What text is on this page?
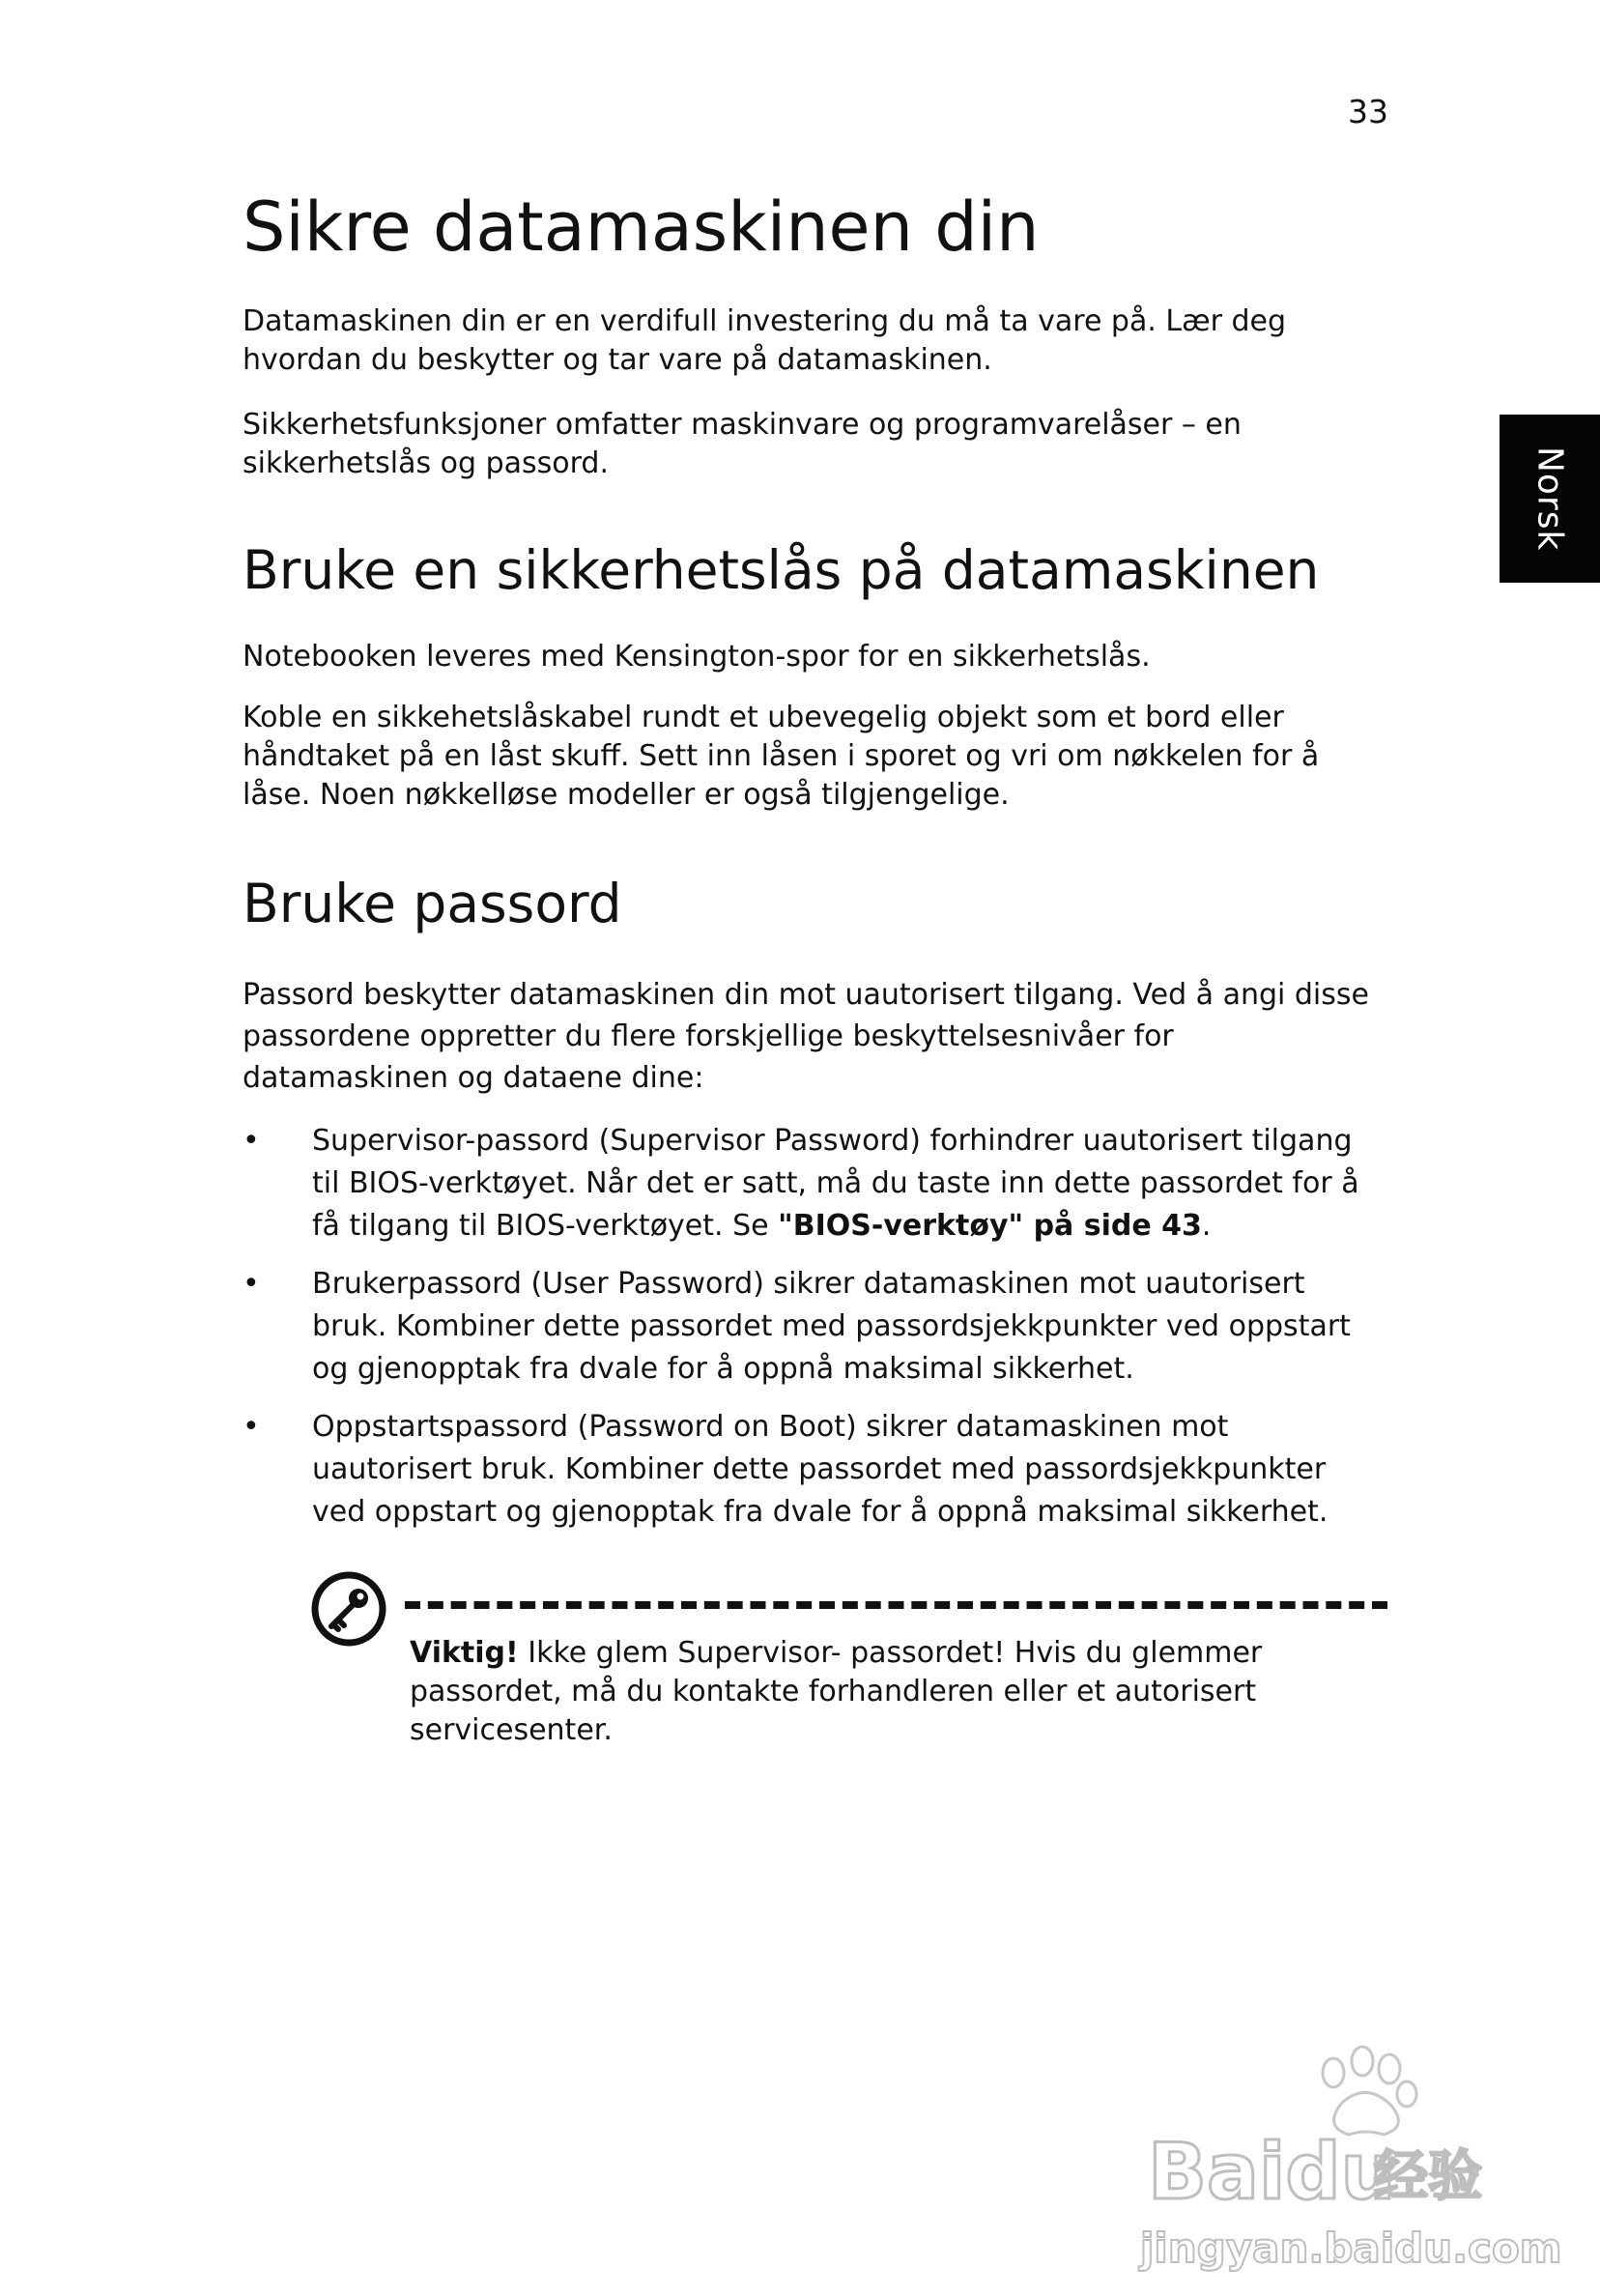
33
Norsk
Sikre datamaskinen din

Datamaskinen din er en verdifull investering du må ta vare på. Lær deg hvordan du beskytter og tar vare på datamaskinen.

Sikkerhetsfunksjoner omfatter maskinvare og programvarelåser – en sikkerhetslås og passord.

Bruke en sikkerhetslås på datamaskinen

Notebooken leveres med Kensington-spor for en sikkerhetslås.

Koble en sikkehetslåskabel rundt et ubevegelig objekt som et bord eller håndtaket på en låst skuff. Sett inn låsen i sporet og vri om nøkkelen for å låse. Noen nøkkelløse modeller er også tilgjengelige.

Bruke passord

Passord beskytter datamaskinen din mot uautorisert tilgang. Ved å angi disse passordene oppretter du flere forskjellige beskyttelsesnivåer for datamaskinen og dataene dine:

• Supervisor-passord (Supervisor Password) forhindrer uautorisert tilgang til BIOS-verktøyet. Når det er satt, må du taste inn dette passordet for å få tilgang til BIOS-verktøyet. Se "BIOS-verktøy" på side 43.
• Brukerpassord (User Password) sikrer datamaskinen mot uautorisert bruk. Kombiner dette passordet med passordsjekkpunkter ved oppstart og gjenopptak fra dvale for å oppnå maksimal sikkerhet.
• Oppstartspassord (Password on Boot) sikrer datamaskinen mot uautorisert bruk. Kombiner dette passordet med passordsjekkpunkter ved oppstart og gjenopptak fra dvale for å oppnå maksimal sikkerhet.
Viktig! Ikke glem Supervisor- passordet! Hvis du glemmer passordet, må du kontakte forhandleren eller et autorisert servicesenter.
Baidu
经验
jingyan.baidu.com
